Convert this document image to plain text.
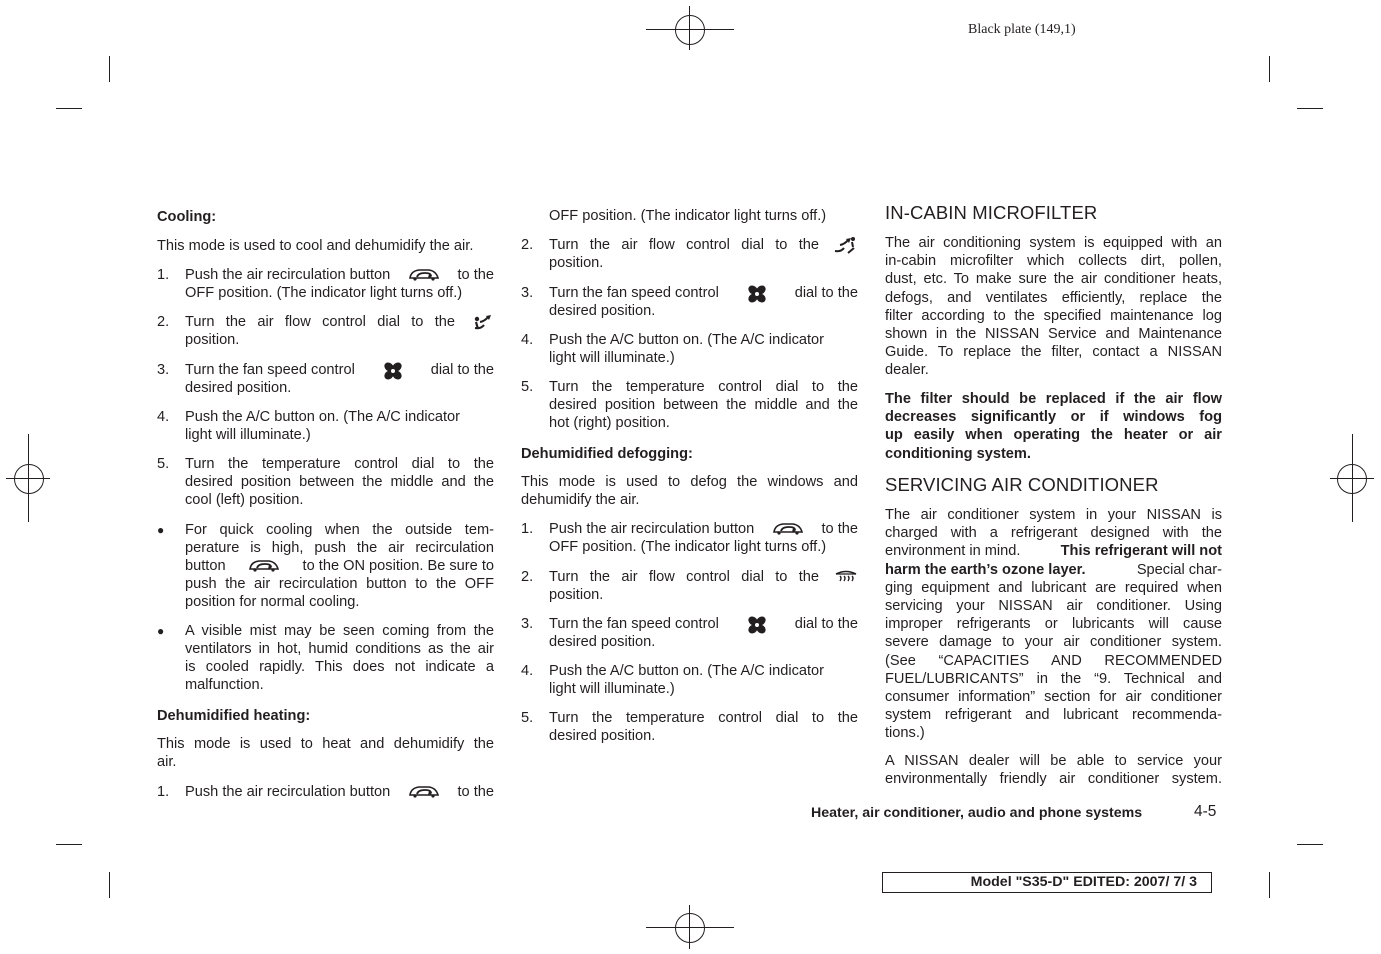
Black plate (149,1)
Cooling:
This mode is used to cool and dehumidify the air.
1. Push the air recirculation button	to the
OFF position. (The indicator light turns off.)
2. Turn the air flow control dial to the
position.
3. Turn the fan speed control	dial to the
desired position.
4. Push the A/C button on. (The A/C indicator
light will illuminate.)
5. Turn the temperature control dial to the
desired position between the middle and the
cool (left) position.
● For quick cooling when the outside tem-
perature is high, push the air recirculation
button	to the ON position. Be sure to
push the air recirculation button to the OFF
position for normal cooling.
● A visible mist may be seen coming from the
ventilators in hot, humid conditions as the air
is cooled rapidly. This does not indicate a
malfunction.
Dehumidified heating:
This mode is used to heat and dehumidify the
air.
1. Push the air recirculation button	to the
OFF position. (The indicator light turns off.)
2. Turn the air flow control dial to the
position.
3. Turn the fan speed control	dial to the
desired position.
4. Push the A/C button on. (The A/C indicator
light will illuminate.)
5. Turn the temperature control dial to the
desired position between the middle and the
hot (right) position.
Dehumidified defogging:
This mode is used to defog the windows and
dehumidify the air.
1. Push the air recirculation button	to the
OFF position. (The indicator light turns off.)
2. Turn the air flow control dial to the
position.
3. Turn the fan speed control	dial to the
desired position.
4. Push the A/C button on. (The A/C indicator
light will illuminate.)
5. Turn the temperature control dial to the
desired position.
IN-CABIN MICROFILTER
The air conditioning system is equipped with an
in-cabin microfilter which collects dirt, pollen,
dust, etc. To make sure the air conditioner heats,
defogs, and ventilates efficiently, replace the
filter according to the specified maintenance log
shown in the NISSAN Service and Maintenance
Guide. To replace the filter, contact a NISSAN
dealer.
The filter should be replaced if the air flow
decreases significantly or if windows fog
up easily when operating the heater or air
conditioning system.
SERVICING AIR CONDITIONER
The air conditioner system in your NISSAN is
charged with a refrigerant designed with the
environment in mind.	This refrigerant will not
harm the earth’s ozone layer.	Special char-
ging equipment and lubricant are required when
servicing your NISSAN air conditioner. Using
improper refrigerants or lubricants will cause
severe damage to your air conditioner system.
(See “CAPACITIES AND RECOMMENDED
FUEL/LUBRICANTS” in the “9. Technical and
consumer information” section for air conditioner
system refrigerant and lubricant recommenda-
tions.)
A NISSAN dealer will be able to service your
environmentally friendly air conditioner system.
Heater, air conditioner, audio and phone systems	4-5
Model "S35-D" EDITED: 2007/ 7/ 3
